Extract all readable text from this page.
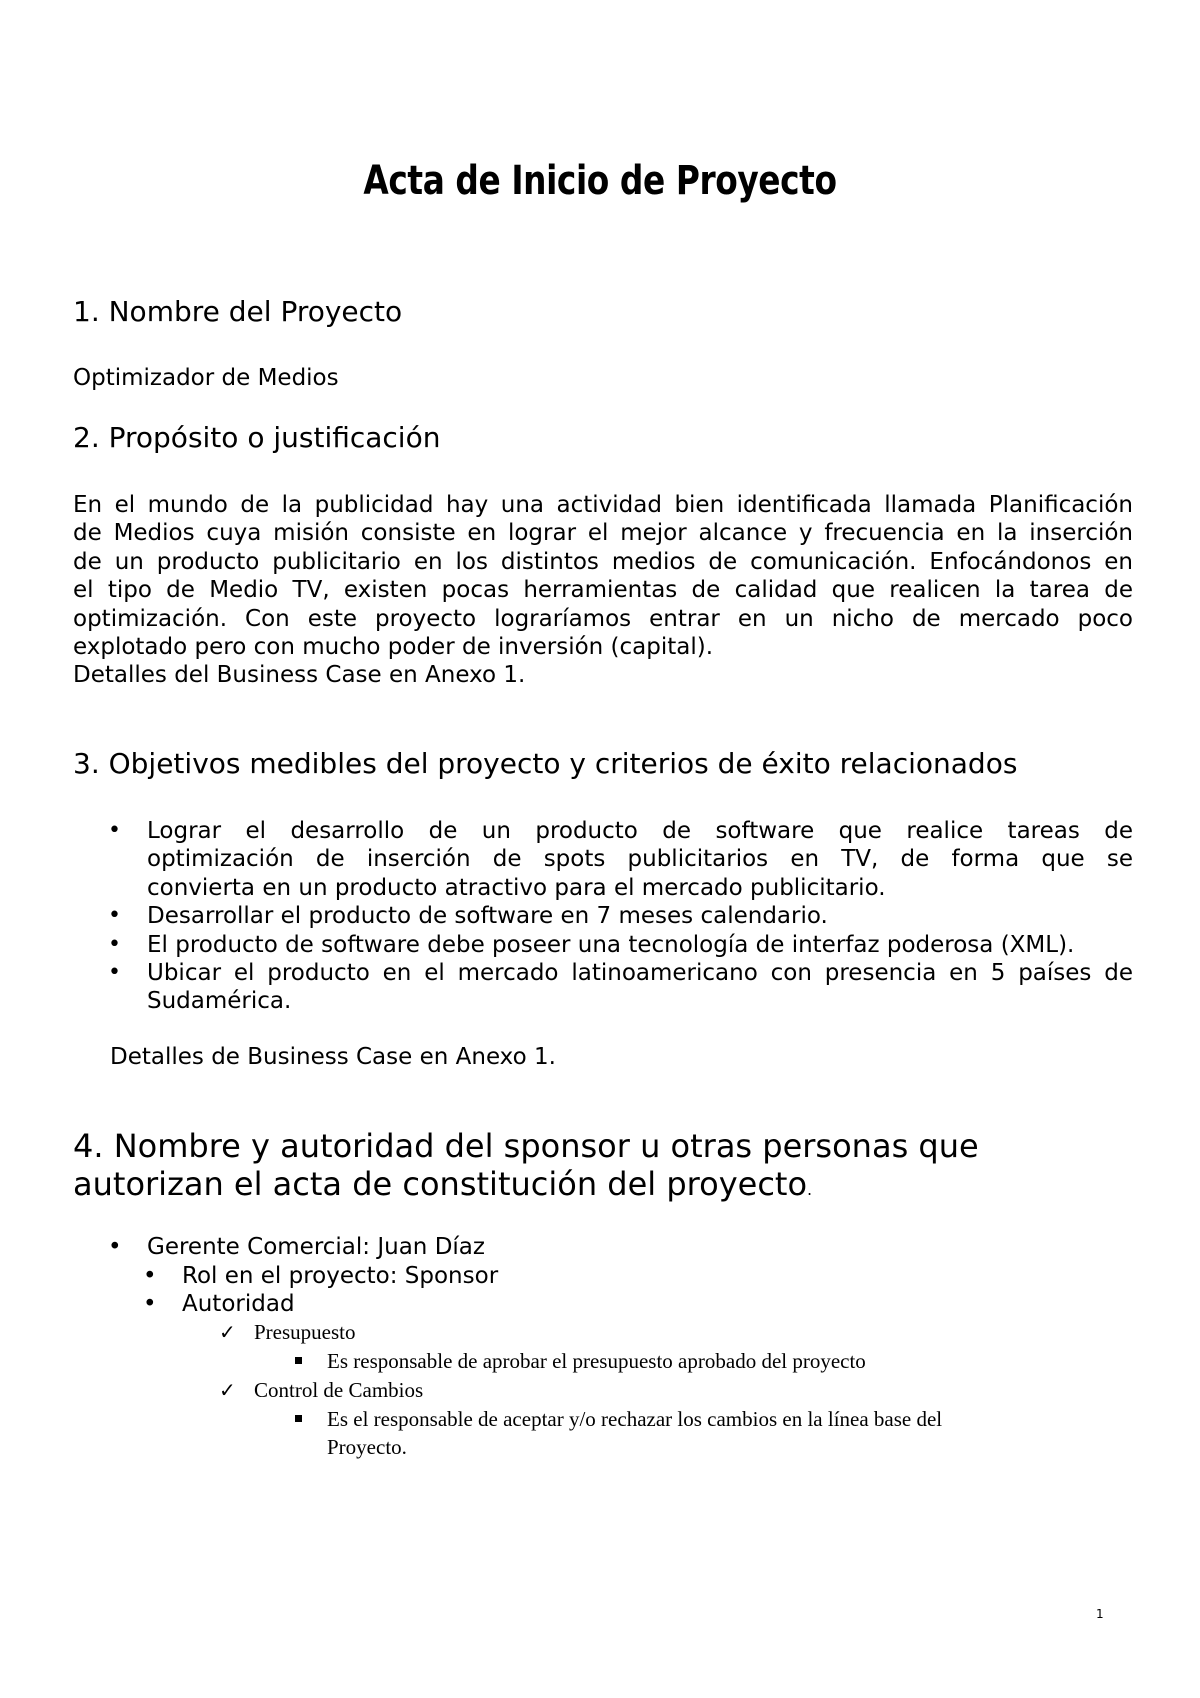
Acta de Inicio de Proyecto
1. Nombre del Proyecto
Optimizador de Medios
2. Propósito o justificación
En el mundo de la publicidad hay una actividad bien identificada llamada Planificación
de Medios cuya misión consiste en lograr el mejor alcance y frecuencia en la inserción
de un producto publicitario en los distintos medios de comunicación. Enfocándonos en
el tipo de Medio TV, existen pocas herramientas de calidad que realicen la tarea de
optimización. Con este proyecto lograríamos entrar en un nicho de mercado poco
explotado pero con mucho poder de inversión (capital).
Detalles del Business Case en Anexo 1.
3. Objetivos medibles del proyecto y criterios de éxito relacionados
• Lograr el desarrollo de un producto de software que realice tareas de
optimización de inserción de spots publicitarios en TV, de forma que se
convierta en un producto atractivo para el mercado publicitario.
• Desarrollar el producto de software en 7 meses calendario.
• El producto de software debe poseer una tecnología de interfaz poderosa (XML).
• Ubicar el producto en el mercado latinoamericano con presencia en 5 países de
Sudamérica.
Detalles de Business Case en Anexo 1.
4. Nombre y autoridad del sponsor u otras personas que
autorizan el acta de constitución del proyecto.
• Gerente Comercial: Juan Díaz
• Rol en el proyecto: Sponsor
• Autoridad
✓ Presupuesto
Es responsable de aprobar el presupuesto aprobado del proyecto
✓ Control de Cambios
Es el responsable de aceptar y/o rechazar los cambios en la línea base del
Proyecto.
1
